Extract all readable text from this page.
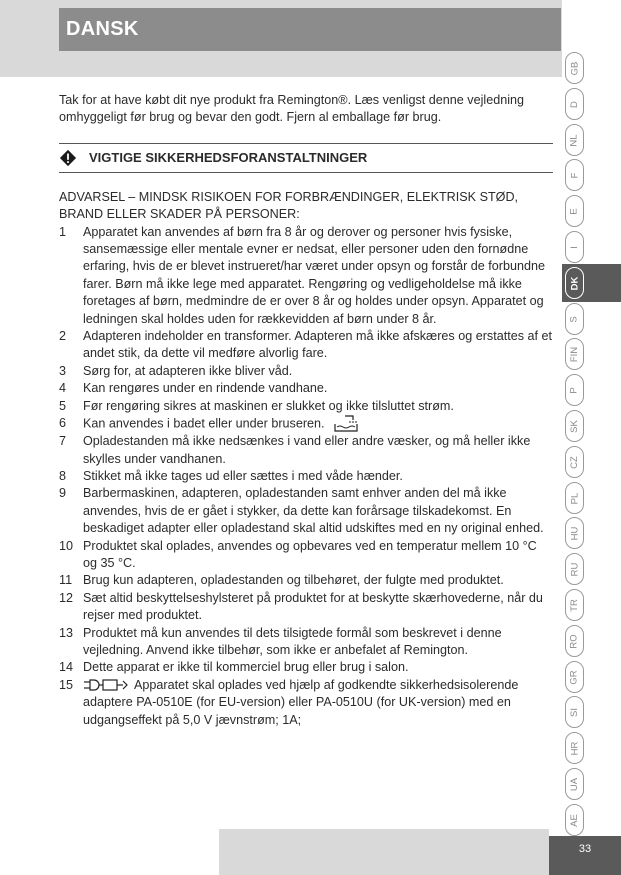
DANSK
GB
D
NL
F
E
I
DK
S
FIN
P
SK
CZ
PL
HU
RU
TR
RO
GR
SI
HR
UA
AE
33

Tak for at have købt dit nye produkt fra Remington®. Læs venligst denne vejledning omhyggeligt før brug og bevar den godt. Fjern al emballage før brug.

VIGTIGE SIKKERHEDSFORANSTALTNINGER

ADVARSEL – MINDSK RISIKOEN FOR FORBRÆNDINGER, ELEKTRISK STØD, BRAND ELLER SKADER PÅ PERSONER:

1	Apparatet kan anvendes af børn fra 8 år og derover og personer hvis fysiske, sansemæssige eller mentale evner er nedsat, eller personer uden den fornødne erfaring, hvis de er blevet instrueret/har været under opsyn og forstår de forbundne farer. Børn må ikke lege med apparatet. Rengøring og vedligeholdelse må ikke foretages af børn, medmindre de er over 8 år og holdes under opsyn. Apparatet og ledningen skal holdes uden for rækkevidden af børn under 8 år.
2	Adapteren indeholder en transformer. Adapteren må ikke afskæres og erstattes af et andet stik, da dette vil medføre alvorlig fare.
3	Sørg for, at adapteren ikke bliver våd.
4	Kan rengøres under en rindende vandhane.
5	Før rengøring sikres at maskinen er slukket og ikke tilsluttet strøm.
6	Kan anvendes i badet eller under bruseren.
7	Opladestanden må ikke nedsænkes i vand eller andre væsker, og må heller ikke skylles under vandhanen.
8	Stikket må ikke tages ud eller sættes i med våde hænder.
9	Barbermaskinen, adapteren, opladestanden samt enhver anden del må ikke anvendes, hvis de er gået i stykker, da dette kan forårsage tilskadekomst. En beskadiget adapter eller opladestand skal altid udskiftes med en ny original enhed.
10 Produktet skal oplades, anvendes og opbevares ved en temperatur mellem 10 °C og 35 °C.
11 Brug kun adapteren, opladestanden og tilbehøret, der fulgte med produktet.
12 Sæt altid beskyttelseshylsteret på produktet for at beskytte skærhovederne, når du rejser med produktet.
13 Produktet må kun anvendes til dets tilsigtede formål som beskrevet i denne vejledning. Anvend ikke tilbehør, som ikke er anbefalet af Remington.
14 Dette apparat er ikke til kommerciel brug eller brug i salon.
15	Apparatet skal oplades ved hjælp af godkendte sikkerhedsisolerende adaptere PA-0510E (for EU-version) eller PA-0510U (for UK-version) med en udgangseffekt på 5,0 V jævnstrøm; 1A;
